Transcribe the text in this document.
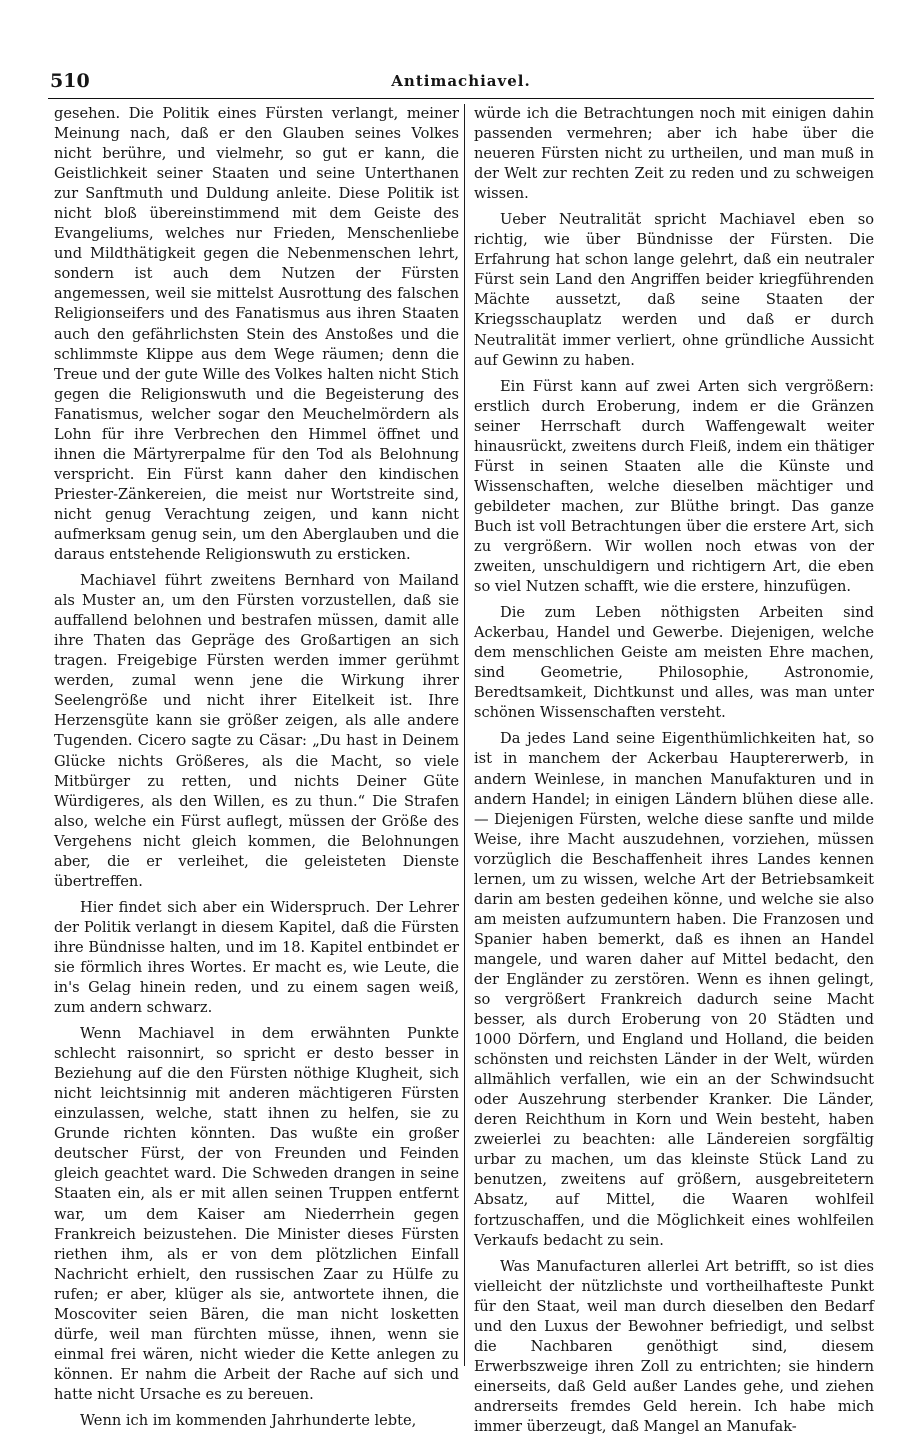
510	Antimachiavel.

gesehen. Die Politik eines Fürsten verlangt, meiner Meinung nach, daß er den Glauben seines Volkes nicht berühre, und vielmehr, so gut er kann, die Geistlichkeit seiner Staaten und seine Unterthanen zur Sanftmuth und Duldung anleite. Diese Politik ist nicht bloß übereinstimmend mit dem Geiste des Evangeliums, welches nur Frieden, Menschenliebe und Mildthätigkeit gegen die Nebenmenschen lehrt, sondern ist auch dem Nutzen der Fürsten angemessen, weil sie mittelst Ausrottung des falschen Religionseifers und des Fanatismus aus ihren Staaten auch den gefährlichsten Stein des Anstoßes und die schlimmste Klippe aus dem Wege räumen; denn die Treue und der gute Wille des Volkes halten nicht Stich gegen die Religionswuth und die Begeisterung des Fanatismus, welcher sogar den Meuchelmördern als Lohn für ihre Verbrechen den Himmel öffnet und ihnen die Märtyrerpalme für den Tod als Belohnung verspricht. Ein Fürst kann daher den kindischen Priester-Zänkereien, die meist nur Wortstreite sind, nicht genug Verachtung zeigen, und kann nicht aufmerksam genug sein, um den Aberglauben und die daraus entstehende Religionswuth zu ersticken.

Machiavel führt zweitens Bernhard von Mailand als Muster an, um den Fürsten vorzustellen, daß sie auffallend belohnen und bestrafen müssen, damit alle ihre Thaten das Gepräge des Großartigen an sich tragen. Freigebige Fürsten werden immer gerühmt werden, zumal wenn jene die Wirkung ihrer Seelengröße und nicht ihrer Eitelkeit ist. Ihre Herzensgüte kann sie größer zeigen, als alle andere Tugenden. Cicero sagte zu Cäsar: „Du hast in Deinem Glücke nichts Größeres, als die Macht, so viele Mitbürger zu retten, und nichts Deiner Güte Würdigeres, als den Willen, es zu thun.“ Die Strafen also, welche ein Fürst auflegt, müssen der Größe des Vergehens nicht gleich kommen, die Belohnungen aber, die er verleihet, die geleisteten Dienste übertreffen.

Hier findet sich aber ein Widerspruch. Der Lehrer der Politik verlangt in diesem Kapitel, daß die Fürsten ihre Bündnisse halten, und im 18. Kapitel entbindet er sie förmlich ihres Wortes. Er macht es, wie Leute, die in's Gelag hinein reden, und zu einem sagen weiß, zum andern schwarz.

Wenn Machiavel in dem erwähnten Punkte schlecht raisonnirt, so spricht er desto besser in Beziehung auf die den Fürsten nöthige Klugheit, sich nicht leichtsinnig mit anderen mächtigeren Fürsten einzulassen, welche, statt ihnen zu helfen, sie zu Grunde richten könnten. Das wußte ein großer deutscher Fürst, der von Freunden und Feinden gleich geachtet ward. Die Schweden drangen in seine Staaten ein, als er mit allen seinen Truppen entfernt war, um dem Kaiser am Niederrhein gegen Frankreich beizustehen. Die Minister dieses Fürsten riethen ihm, als er von dem plötzlichen Einfall Nachricht erhielt, den russischen Zaar zu Hülfe zu rufen; er aber, klüger als sie, antwortete ihnen, die Moscoviter seien Bären, die man nicht losketten dürfe, weil man fürchten müsse, ihnen, wenn sie einmal frei wären, nicht wieder die Kette anlegen zu können. Er nahm die Arbeit der Rache auf sich und hatte nicht Ursache es zu bereuen.

Wenn ich im kommenden Jahrhunderte lebte,

würde ich die Betrachtungen noch mit einigen dahin passenden vermehren; aber ich habe über die neueren Fürsten nicht zu urtheilen, und man muß in der Welt zur rechten Zeit zu reden und zu schweigen wissen.

Ueber Neutralität spricht Machiavel eben so richtig, wie über Bündnisse der Fürsten. Die Erfahrung hat schon lange gelehrt, daß ein neutraler Fürst sein Land den Angriffen beider kriegführenden Mächte aussetzt, daß seine Staaten der Kriegsschauplatz werden und daß er durch Neutralität immer verliert, ohne gründliche Aussicht auf Gewinn zu haben.

Ein Fürst kann auf zwei Arten sich vergrößern: erstlich durch Eroberung, indem er die Gränzen seiner Herrschaft durch Waffengewalt weiter hinausrückt, zweitens durch Fleiß, indem ein thätiger Fürst in seinen Staaten alle die Künste und Wissenschaften, welche dieselben mächtiger und gebildeter machen, zur Blüthe bringt. Das ganze Buch ist voll Betrachtungen über die erstere Art, sich zu vergrößern. Wir wollen noch etwas von der zweiten, unschuldigern und richtigern Art, die eben so viel Nutzen schafft, wie die erstere, hinzufügen.

Die zum Leben nöthigsten Arbeiten sind Ackerbau, Handel und Gewerbe. Diejenigen, welche dem menschlichen Geiste am meisten Ehre machen, sind Geometrie, Philosophie, Astronomie, Beredtsamkeit, Dichtkunst und alles, was man unter schönen Wissenschaften versteht.

Da jedes Land seine Eigenthümlichkeiten hat, so ist in manchem der Ackerbau Hauptererwerb, in andern Weinlese, in manchen Manufakturen und in andern Handel; in einigen Ländern blühen diese alle. — Diejenigen Fürsten, welche diese sanfte und milde Weise, ihre Macht auszudehnen, vorziehen, müssen vorzüglich die Beschaffenheit ihres Landes kennen lernen, um zu wissen, welche Art der Betriebsamkeit darin am besten gedeihen könne, und welche sie also am meisten aufzumuntern haben. Die Franzosen und Spanier haben bemerkt, daß es ihnen an Handel mangele, und waren daher auf Mittel bedacht, den der Engländer zu zerstören. Wenn es ihnen gelingt, so vergrößert Frankreich dadurch seine Macht besser, als durch Eroberung von 20 Städten und 1000 Dörfern, und England und Holland, die beiden schönsten und reichsten Länder in der Welt, würden allmählich verfallen, wie ein an der Schwindsucht oder Auszehrung sterbender Kranker. Die Länder, deren Reichthum in Korn und Wein besteht, haben zweierlei zu beachten: alle Ländereien sorgfältig urbar zu machen, um das kleinste Stück Land zu benutzen, zweitens auf größern, ausgebreitetern Absatz, auf Mittel, die Waaren wohlfeil fortzuschaffen, und die Möglichkeit eines wohlfeilen Verkaufs bedacht zu sein.

Was Manufacturen allerlei Art betrifft, so ist dies vielleicht der nützlichste und vortheilhafteste Punkt für den Staat, weil man durch dieselben den Bedarf und den Luxus der Bewohner befriedigt, und selbst die Nachbaren genöthigt sind, diesem Erwerbszweige ihren Zoll zu entrichten; sie hindern einerseits, daß Geld außer Landes gehe, und ziehen andrerseits fremdes Geld herein. Ich habe mich immer überzeugt, daß Mangel an Manufak-
